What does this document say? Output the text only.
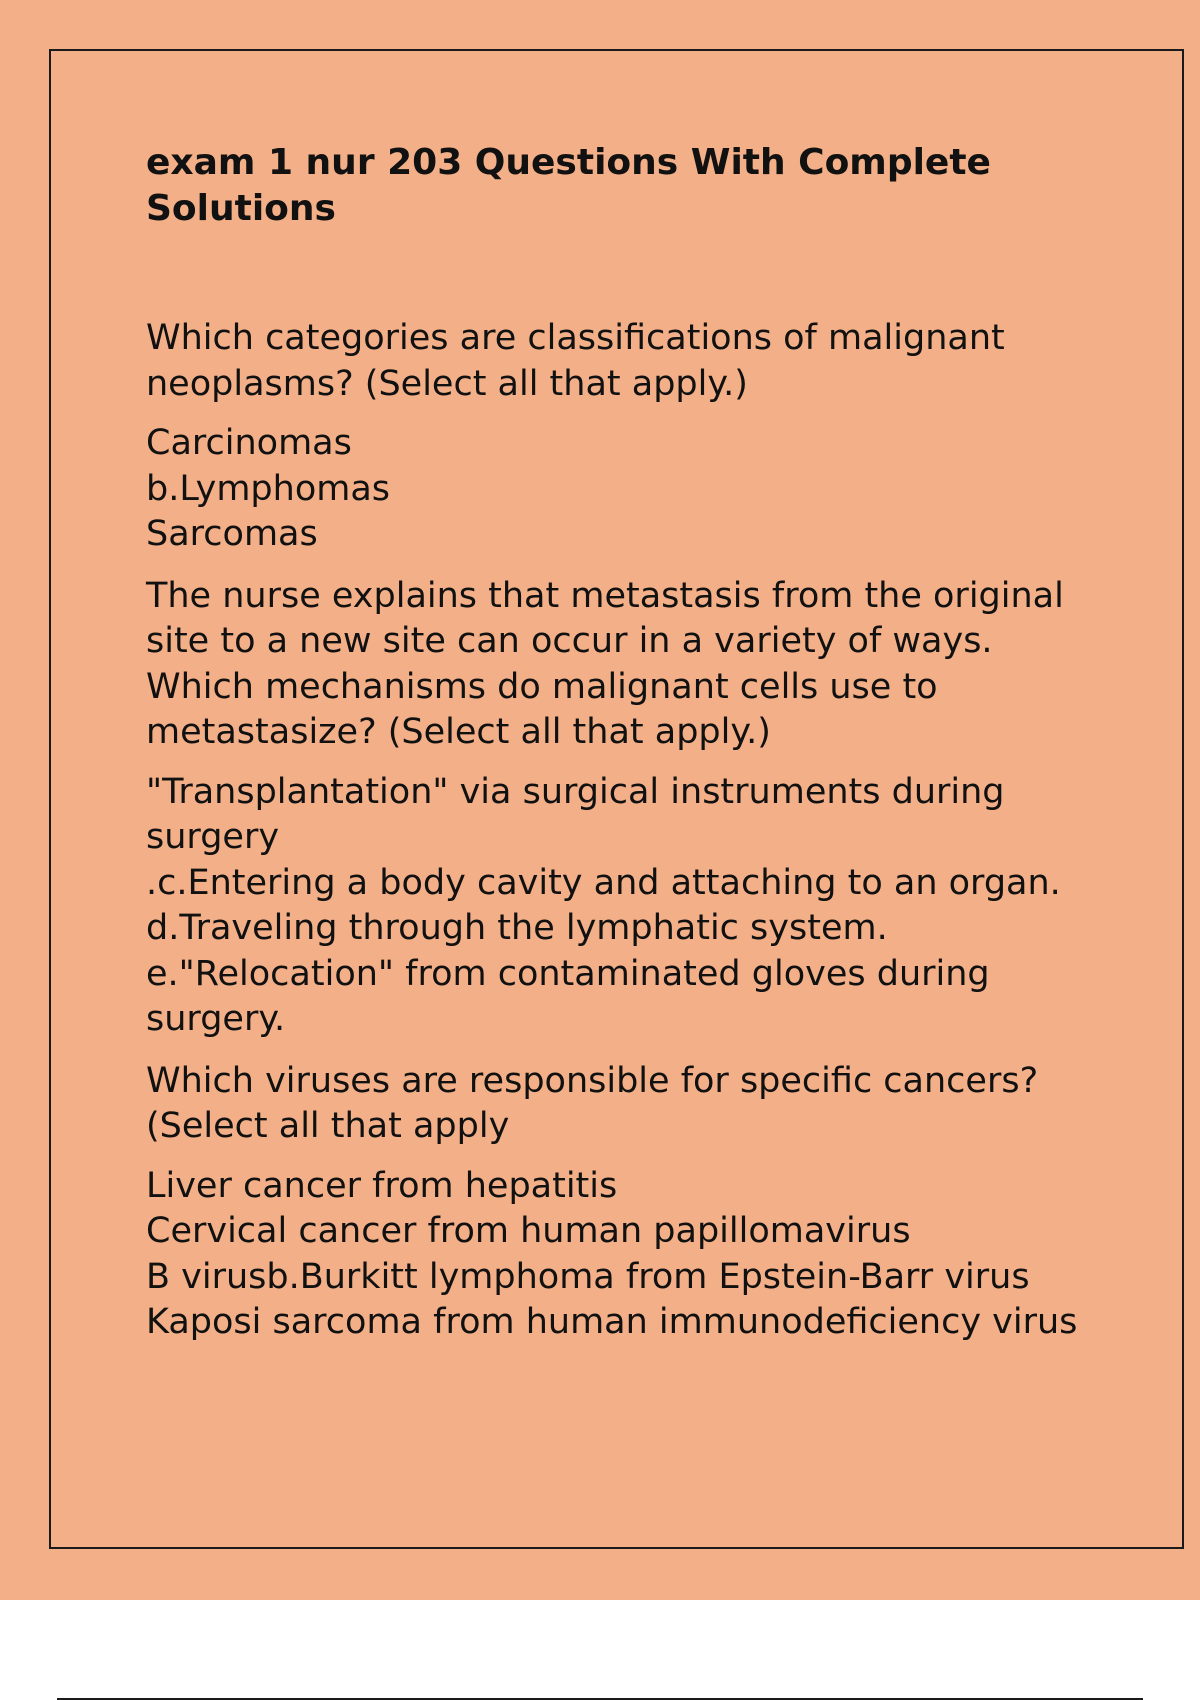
exam 1 nur 203 Questions With Complete Solutions

Which categories are classifications of malignant neoplasms? (Select all that apply.)

Carcinomas
b.Lymphomas
Sarcomas

The nurse explains that metastasis from the original site to a new site can occur in a variety of ways. Which mechanisms do malignant cells use to metastasize? (Select all that apply.)

"Transplantation" via surgical instruments during surgery
.c.Entering a body cavity and attaching to an organ.
d.Traveling through the lymphatic system.
e."Relocation" from contaminated gloves during surgery.

Which viruses are responsible for specific cancers? (Select all that apply

Liver cancer from hepatitis
Cervical cancer from human papillomavirus
B virusb.Burkitt lymphoma from Epstein-Barr virus
Kaposi sarcoma from human immunodeficiency virus
